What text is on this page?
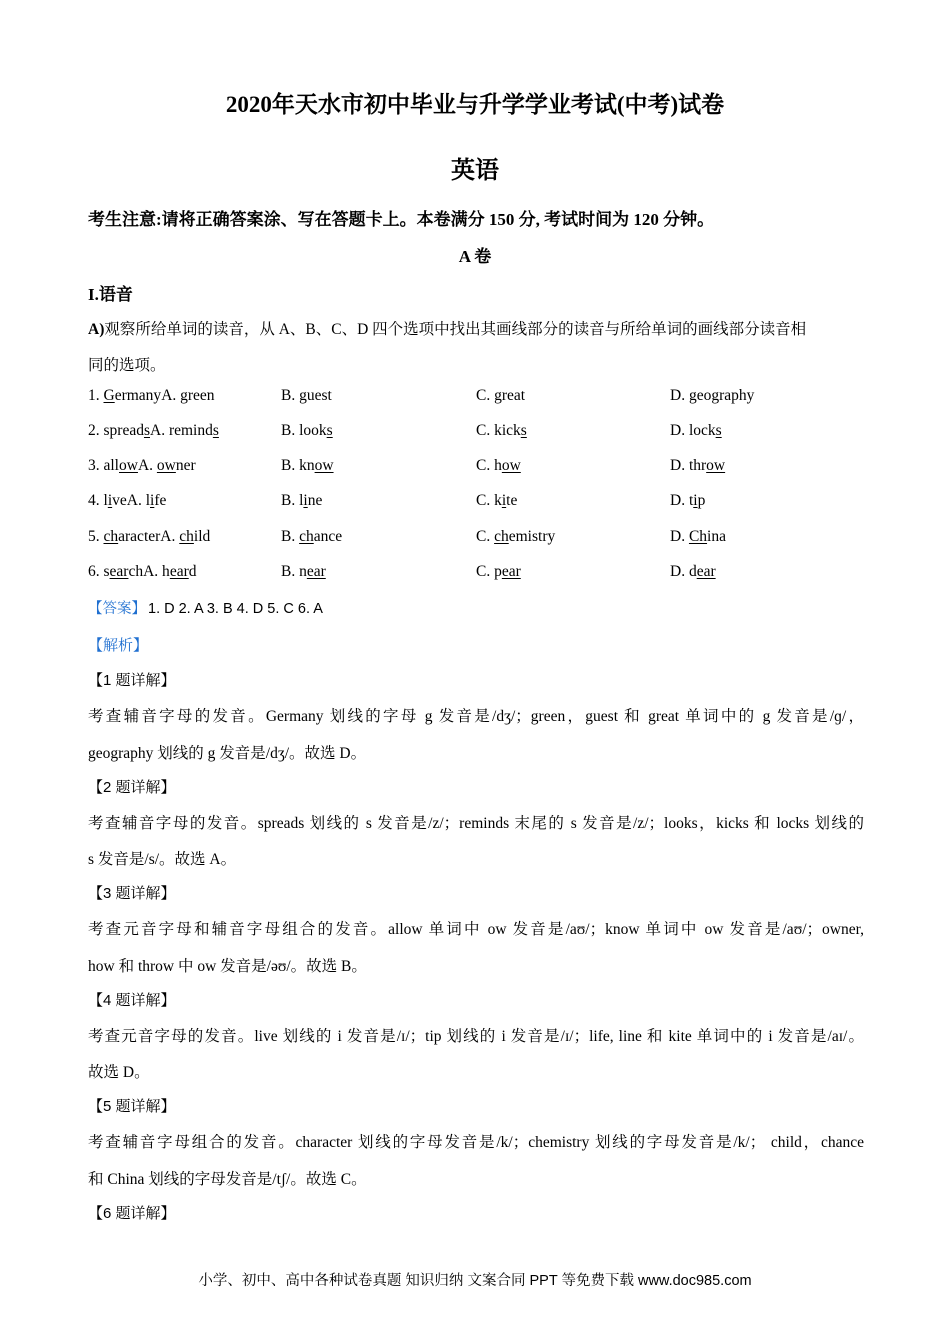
2020年天水市初中毕业与升学学业考试(中考)试卷
英语
考生注意:请将正确答案涂、写在答题卡上。本卷满分 150 分, 考试时间为 120 分钟。
A 卷
I.语音
A)观察所给单词的读音，从 A、B、C、D 四个选项中找出其画线部分的读音与所给单词的画线部分读音相
同的选项。
1. GermanyA. green	B. guest	C. great	D. geography
2. spreadsA. reminds	B. looks	C. kicks	D. locks
3. allowA. owner	B. know	C. how	D. throw
4. liveA. life	B. line	C. kite	D. tip
5. characterA. child	B. chance	C. chemistry	D. China
6. searchA. heard	B. near	C. pear	D. dear
【答案】 1. D 2. A 3. B 4. D 5. C 6. A
【解析】
【1 题详解】
考查辅音字母的发音。Germany 划线的字母 g 发音是/dʒ/；green，guest 和 great 单词中的 g 发音是/ɡ/，
geography 划线的 g 发音是/dʒ/。故选 D。
【2 题详解】
考查辅音字母的发音。spreads 划线的 s 发音是/z/；reminds 末尾的 s 发音是/z/；looks，kicks 和 locks 划线的
s 发音是/s/。故选 A。
【3 题详解】
考查元音字母和辅音字母组合的发音。allow 单词中 ow 发音是/aʊ/；know 单词中 ow 发音是/aʊ/；owner,
how 和 throw 中 ow 发音是/əʊ/。故选 B。
【4 题详解】
考查元音字母的发音。live 划线的 i 发音是/ɪ/；tip 划线的 i 发音是/ɪ/；life, line 和 kite 单词中的 i 发音是/aɪ/。
故选 D。
【5 题详解】
考查辅音字母组合的发音。character 划线的字母发音是/k/；chemistry 划线的字母发音是/k/； child，chance
和 China 划线的字母发音是/tʃ/。故选 C。
【6 题详解】
小学、初中、高中各种试卷真题 知识归纳 文案合同 PPT 等免费下载 www.doc985.com
